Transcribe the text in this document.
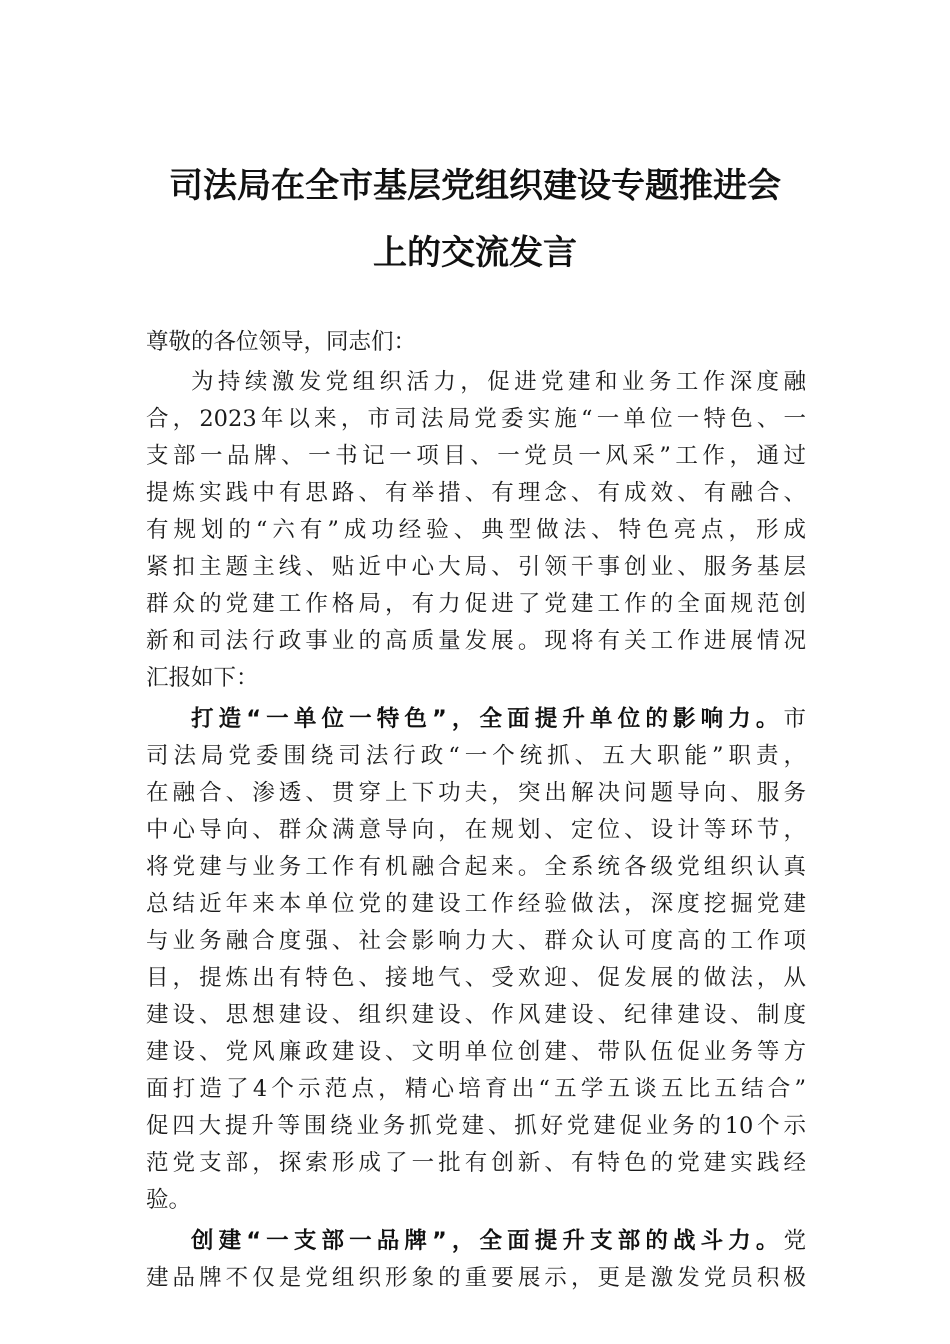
司法局在全市基层党组织建设专题推进会
上的交流发言
尊敬的各位领导，同志们：
为持续激发党组织活力，促进党建和业务工作深度融
合，2023年以来，市司法局党委实施“一单位一特色、一
支部一品牌、一书记一项目、一党员一风采”工作，通过
提炼实践中有思路、有举措、有理念、有成效、有融合、
有规划的“六有”成功经验、典型做法、特色亮点，形成
紧扣主题主线、贴近中心大局、引领干事创业、服务基层
群众的党建工作格局，有力促进了党建工作的全面规范创
新和司法行政事业的高质量发展。现将有关工作进展情况
汇报如下：
打造“一单位一特色”，全面提升单位的影响力。市
司法局党委围绕司法行政“一个统抓、五大职能”职责，
在融合、渗透、贯穿上下功夫，突出解决问题导向、服务
中心导向、群众满意导向，在规划、定位、设计等环节，
将党建与业务工作有机融合起来。全系统各级党组织认真
总结近年来本单位党的建设工作经验做法，深度挖掘党建
与业务融合度强、社会影响力大、群众认可度高的工作项
目，提炼出有特色、接地气、受欢迎、促发展的做法，从
建设、思想建设、组织建设、作风建设、纪律建设、制度
建设、党风廉政建设、文明单位创建、带队伍促业务等方
面打造了4个示范点，精心培育出“五学五谈五比五结合”
促四大提升等围绕业务抓党建、抓好党建促业务的10个示
范党支部，探索形成了一批有创新、有特色的党建实践经
验。
创建“一支部一品牌”，全面提升支部的战斗力。党
建品牌不仅是党组织形象的重要展示，更是激发党员积极
